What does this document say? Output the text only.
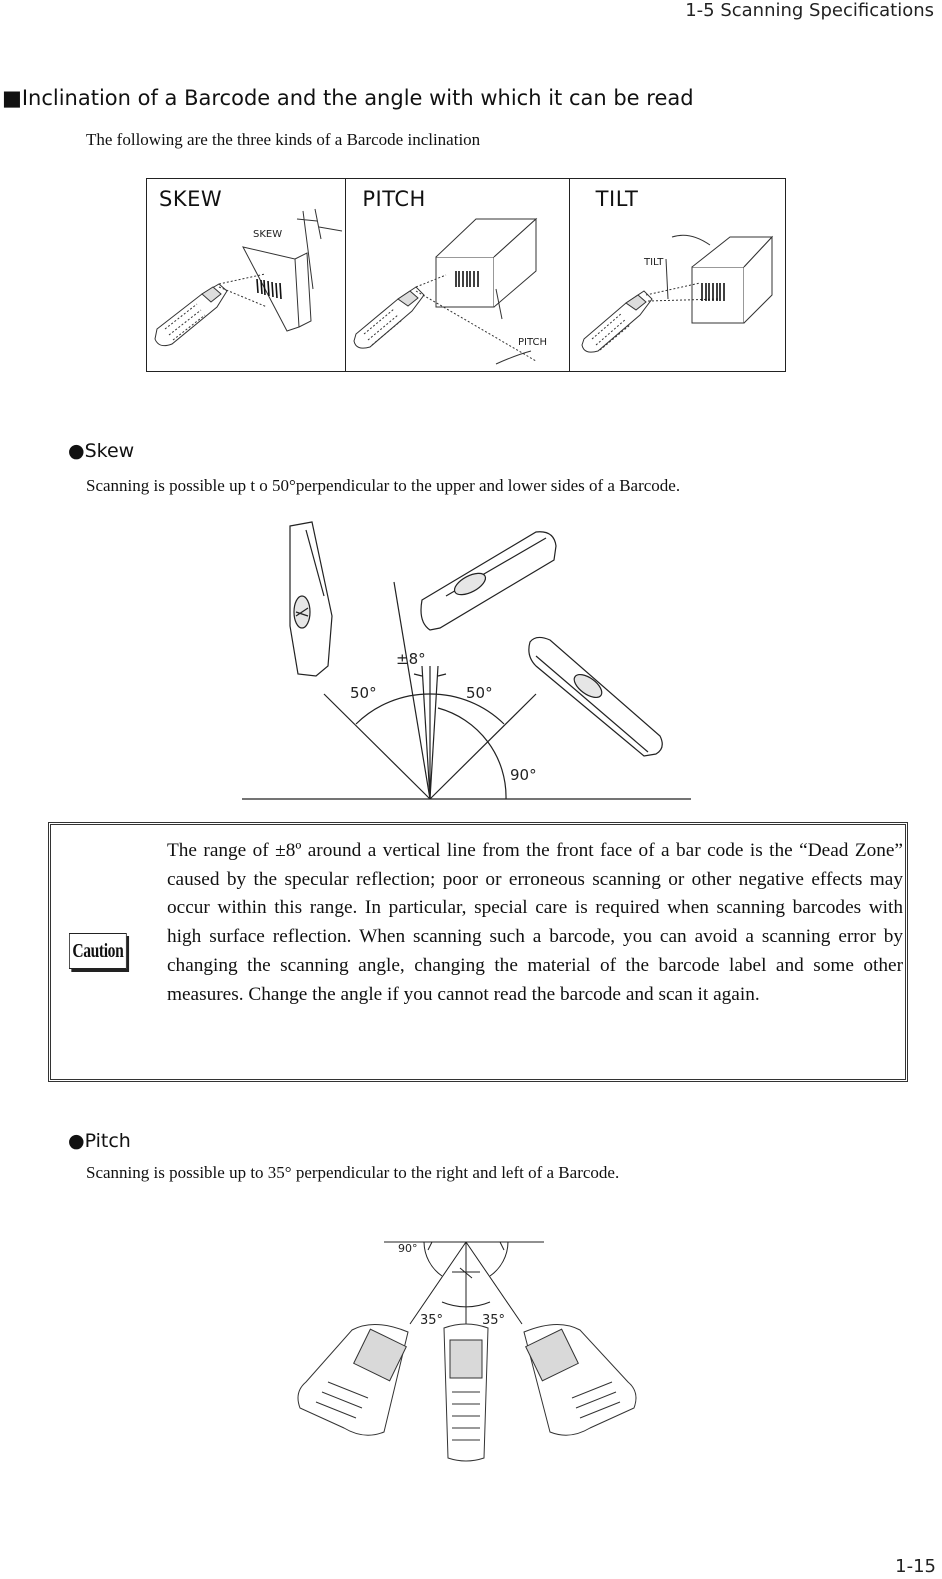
1-5 Scanning Specifications
■Inclination of a Barcode and the angle with which it can be read
The following are the three kinds of a Barcode inclination
SKEW
SKEW
PITCH
PITCH
TILT
TILT
●Skew
Scanning is possible up t o 50°perpendicular to the upper and lower sides of a Barcode.
±8°
50°	50°
90°
Caution
The range of ±8º around a vertical line from the front face of a bar code is the “Dead Zone” caused by the specular reflection; poor or erroneous scanning or other negative effects may occur within this range. In particular, special care is required when scanning barcodes with high surface reflection. When scanning such a barcode, you can avoid a scanning error by changing the scanning angle, changing the material of the barcode label and some other measures. Change the angle if you cannot read the barcode and scan it again.
●Pitch
Scanning is possible up to 35° perpendicular to the right and left of a Barcode.
90°
35°	35°
1-15
